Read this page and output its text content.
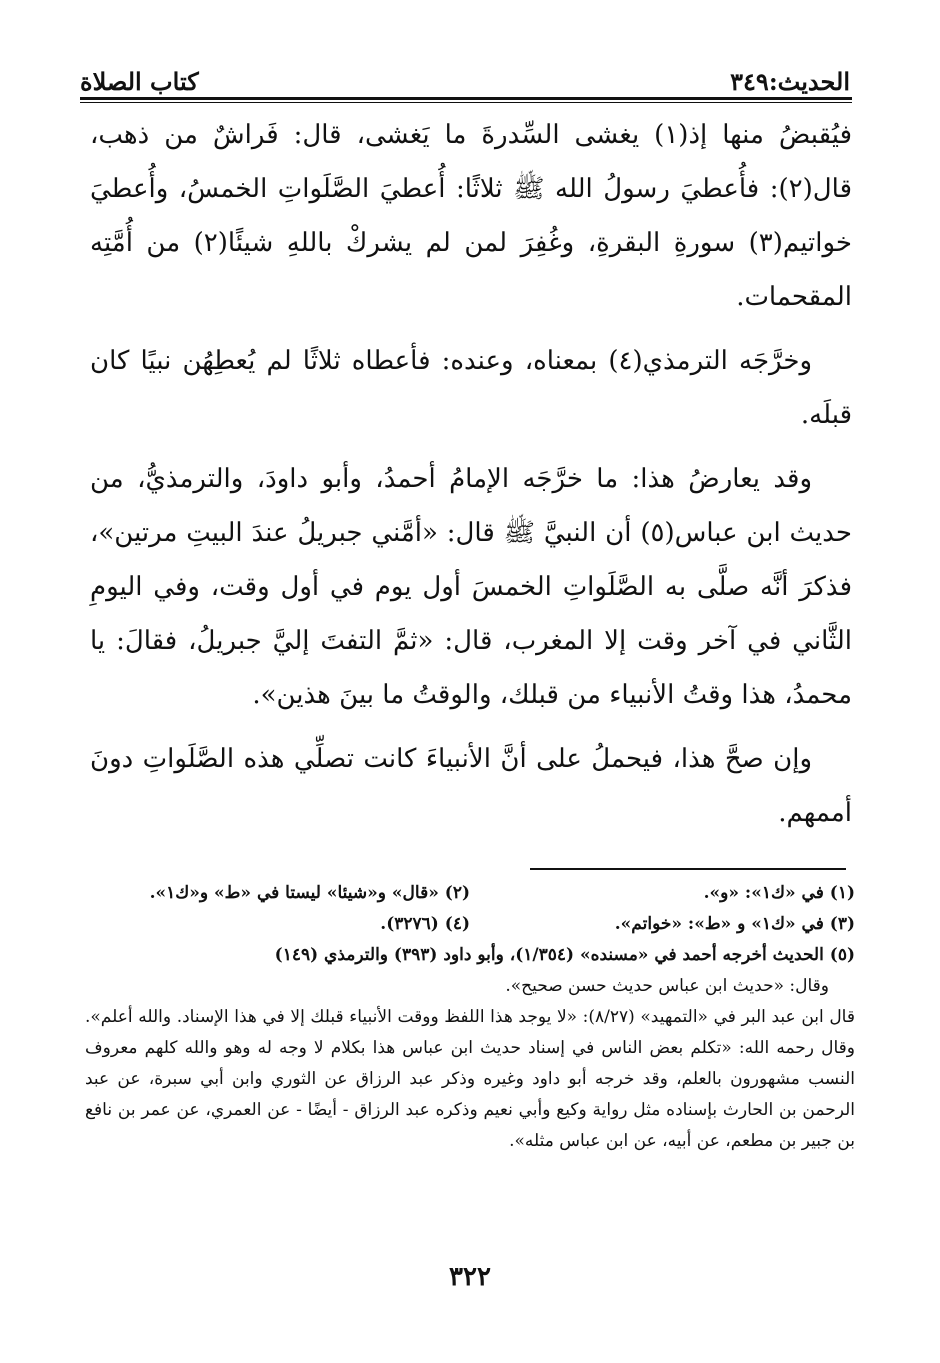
الحديث:٣٤٩
كتاب الصلاة

فيُقبضُ منها إذ(١) يغشى السِّدرةَ ما يَغشى، قال: فَراشٌ من ذهب، قال(٢): فأُعطيَ رسولُ الله ﷺ ثلاثًا: أُعطيَ الصَّلَواتِ الخمسُ، وأُعطيَ خواتيم(٣) سورةِ البقرةِ، وغُفِرَ لمن لم يشركْ باللهِ شيئًا(٢) من أُمَّتِه المقحمات.

وخرَّجَه الترمذي(٤) بمعناه، وعنده: فأعطاه ثلاثًا لم يُعطِهُن نبيًا كان قبلَه.

وقد يعارضُ هذا: ما خرَّجَه الإمامُ أحمدُ، وأبو داودَ، والترمذيُّ، من حديث ابن عباس(٥) أن النبيَّ ﷺ قال: «أمَّني جبريلُ عندَ البيتِ مرتين»، فذكرَ أنَّه صلَّى به الصَّلَواتِ الخمسَ أول يوم في أول وقت، وفي اليومِ الثَّاني في آخر وقت إلا المغرب، قال: «ثمَّ التفتَ إليَّ جبريلُ، فقالَ: يا محمدُ، هذا وقتُ الأنبياء من قبلك، والوقتُ ما بينَ هذين».

وإن صحَّ هذا، فيحملُ على أنَّ الأنبياءَ كانت تصلِّي هذه الصَّلَواتِ دونَ أممهم.

(١) في «ك١»: «و».
(٢) «قال» و«شيئا» ليستا في «ط» و«ك١».
(٣) في «ك١» و «ط»: «خواتم».
(٤) (٣٢٧٦).
(٥) الحديث أخرجه أحمد في «مسنده» (١/٣٥٤)، وأبو داود (٣٩٣) والترمذي (١٤٩)
وقال: «حديث ابن عباس حديث حسن صحيح».
قال ابن عبد البر في «التمهيد» (٨/٢٧): «لا يوجد هذا اللفظ ووقت الأنبياء قبلك إلا في هذا الإسناد. والله أعلم». وقال رحمه الله: «تكلم بعض الناس في إسناد حديث ابن عباس هذا بكلام لا وجه له وهو والله كلهم معروف النسب مشهورون بالعلم، وقد خرجه أبو داود وغيره وذكر عبد الرزاق عن الثوري وابن أبي سبرة، عن عبد الرحمن بن الحارث بإسناده مثل رواية وكيع وأبي نعيم وذكره عبد الرزاق - أيضًا - عن العمري، عن عمر بن نافع بن جبير بن مطعم، عن أبيه، عن ابن عباس مثله».
٣٢٢
